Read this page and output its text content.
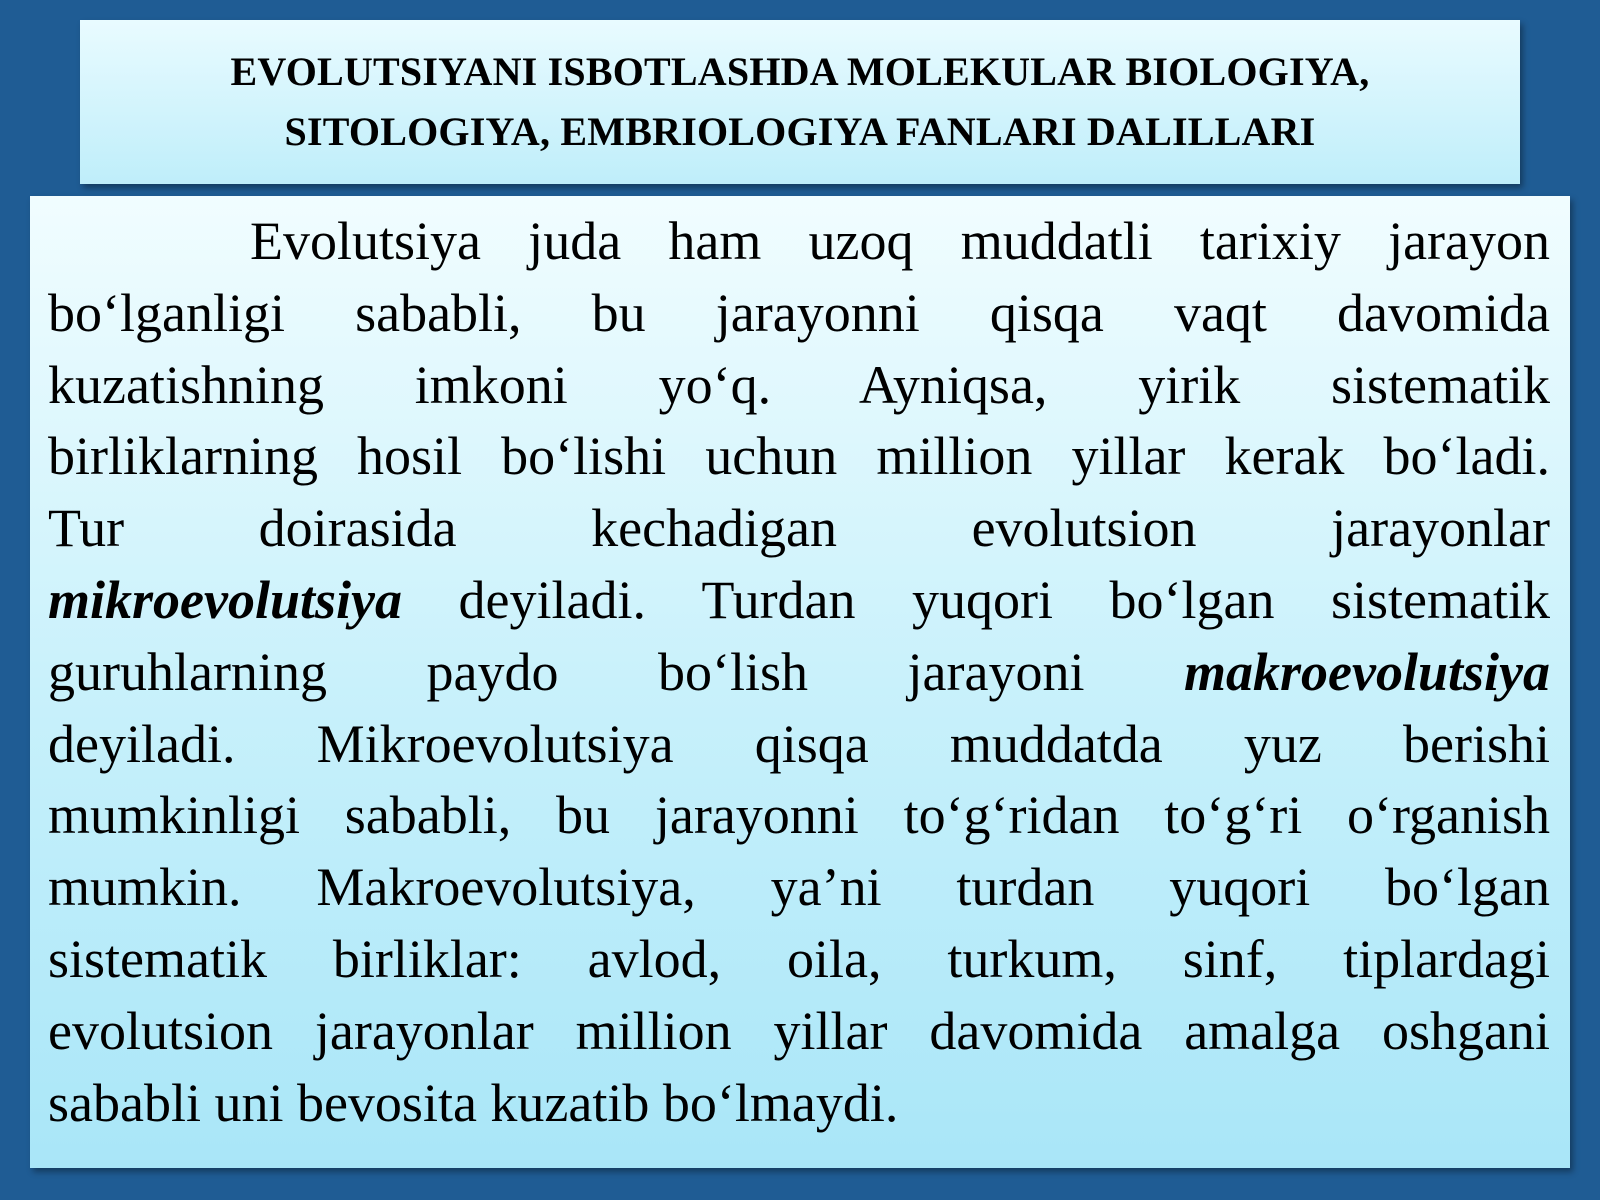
EVOLUTSIYANI ISBOTLASHDA MOLEKULAR BIOLOGIYA,
SITOLOGIYA, EMBRIOLOGIYA FANLARI DALILLARI

Evolutsiya juda ham uzoq muddatli tarixiy jarayon
bo‘lganligi sababli, bu jarayonni qisqa vaqt davomida
kuzatishning imkoni yo‘q. Ayniqsa, yirik sistematik
birliklarning hosil bo‘lishi uchun million yillar kerak bo‘ladi.
Tur doirasida kechadigan evolutsion jarayonlar
mikroevolutsiya deyiladi. Turdan yuqori bo‘lgan sistematik
guruhlarning paydo bo‘lish jarayoni makroevolutsiya
deyiladi. Mikroevolutsiya qisqa muddatda yuz berishi
mumkinligi sababli, bu jarayonni to‘g‘ridan to‘g‘ri o‘rganish
mumkin. Makroevolutsiya, ya’ni turdan yuqori bo‘lgan
sistematik birliklar: avlod, oila, turkum, sinf, tiplardagi
evolutsion jarayonlar million yillar davomida amalga oshgani
sababli uni bevosita kuzatib bo‘lmaydi.
